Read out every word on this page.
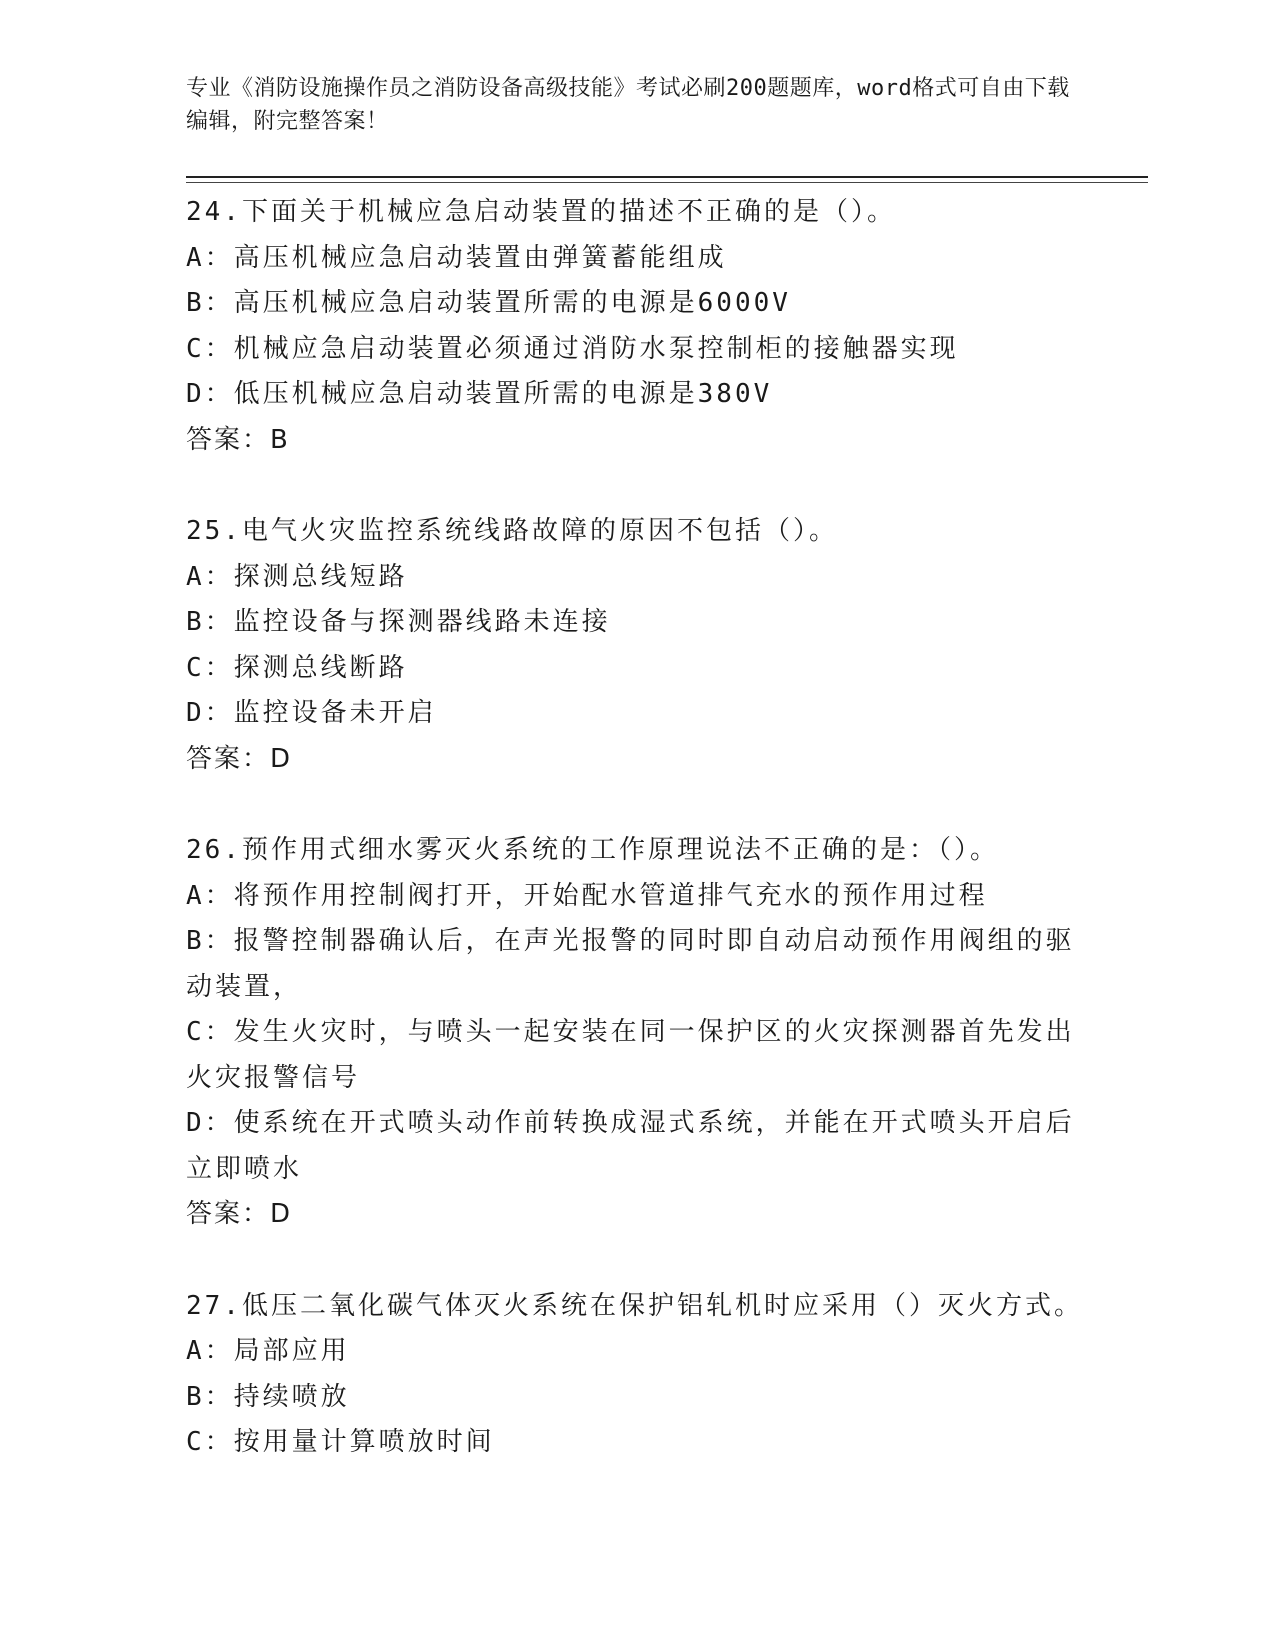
专业《消防设施操作员之消防设备高级技能》考试必刷200题题库，word格式可自由下载编辑，附完整答案！
24.下面关于机械应急启动装置的描述不正确的是（）。
A：高压机械应急启动装置由弹簧蓄能组成
B：高压机械应急启动装置所需的电源是6000V
C：机械应急启动装置必须通过消防水泵控制柜的接触器实现
D：低压机械应急启动装置所需的电源是380V
答案：B
25.电气火灾监控系统线路故障的原因不包括（）。
A：探测总线短路
B：监控设备与探测器线路未连接
C：探测总线断路
D：监控设备未开启
答案：D
26.预作用式细水雾灭火系统的工作原理说法不正确的是：（）。
A：将预作用控制阀打开，开始配水管道排气充水的预作用过程
B：报警控制器确认后，在声光报警的同时即自动启动预作用阀组的驱动装置，
C：发生火灾时，与喷头一起安装在同一保护区的火灾探测器首先发出火灾报警信号
D：使系统在开式喷头动作前转换成湿式系统，并能在开式喷头开启后立即喷水
答案：D
27.低压二氧化碳气体灭火系统在保护铝轧机时应采用（）灭火方式。
A：局部应用
B：持续喷放
C：按用量计算喷放时间
